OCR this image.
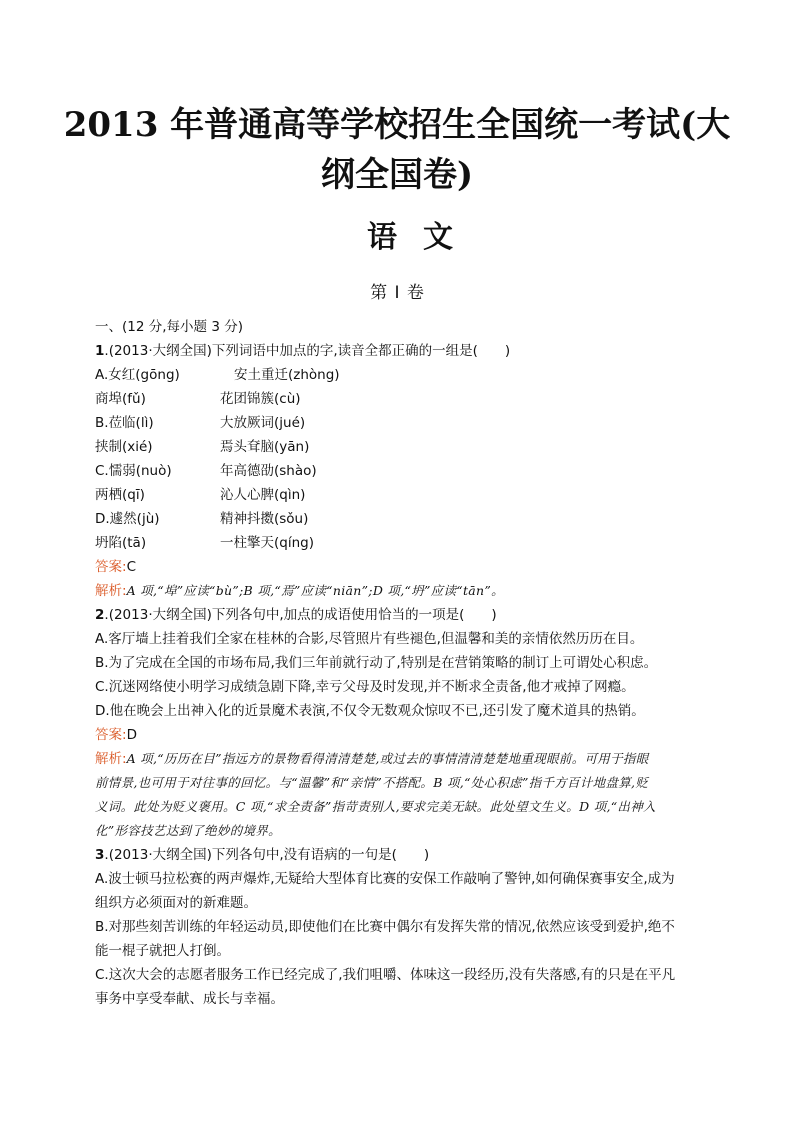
2013 年普通高等学校招生全国统一考试(大
纲全国卷)
语文
第 Ⅰ 卷
一、(12 分,每小题 3 分)
1.(2013·大纲全国)下列词语中加点的字,读音全都正确的一组是(　　)
A.女红(gōng)	安土重迁(zhòng)
商埠(fǔ)	花团锦簇(cù)
B.莅临(lì)	大放厥词(jué)
挟制(xié)	焉头耷脑(yān)
C.懦弱(nuò)	年高德劭(shào)
两栖(qī)	沁人心脾(qìn)
D.遽然(jù)	精神抖擞(sǒu)
坍陷(tā)	一柱擎天(qíng)
答案:C
解析:A 项,“埠”应读“bù”;B 项,“焉”应读“niān”;D 项,“坍”应读“tān”。
2.(2013·大纲全国)下列各句中,加点的成语使用恰当的一项是(　　)
A.客厅墙上挂着我们全家在桂林的合影,尽管照片有些褪色,但温馨和美的亲情依然历历在目。
B.为了完成在全国的市场布局,我们三年前就行动了,特别是在营销策略的制订上可谓处心积虑。
C.沉迷网络使小明学习成绩急剧下降,幸亏父母及时发现,并不断求全责备,他才戒掉了网瘾。
D.他在晚会上出神入化的近景魔术表演,不仅令无数观众惊叹不已,还引发了魔术道具的热销。
答案:D
解析:A 项,“历历在目”指远方的景物看得清清楚楚,或过去的事情清清楚楚地重现眼前。可用于指眼
前情景,也可用于对往事的回忆。与“温馨”和“亲情”不搭配。B 项,“处心积虑”指千方百计地盘算,贬
义词。此处为贬义褒用。C 项,“求全责备”指苛责别人,要求完美无缺。此处望文生义。D 项,“出神入
化”形容技艺达到了绝妙的境界。
3.(2013·大纲全国)下列各句中,没有语病的一句是(　　)
A.波士顿马拉松赛的两声爆炸,无疑给大型体育比赛的安保工作敲响了警钟,如何确保赛事安全,成为
组织方必须面对的新难题。
B.对那些刻苦训练的年轻运动员,即使他们在比赛中偶尔有发挥失常的情况,依然应该受到爱护,绝不
能一棍子就把人打倒。
C.这次大会的志愿者服务工作已经完成了,我们咀嚼、体味这一段经历,没有失落感,有的只是在平凡
事务中享受奉献、成长与幸福。
